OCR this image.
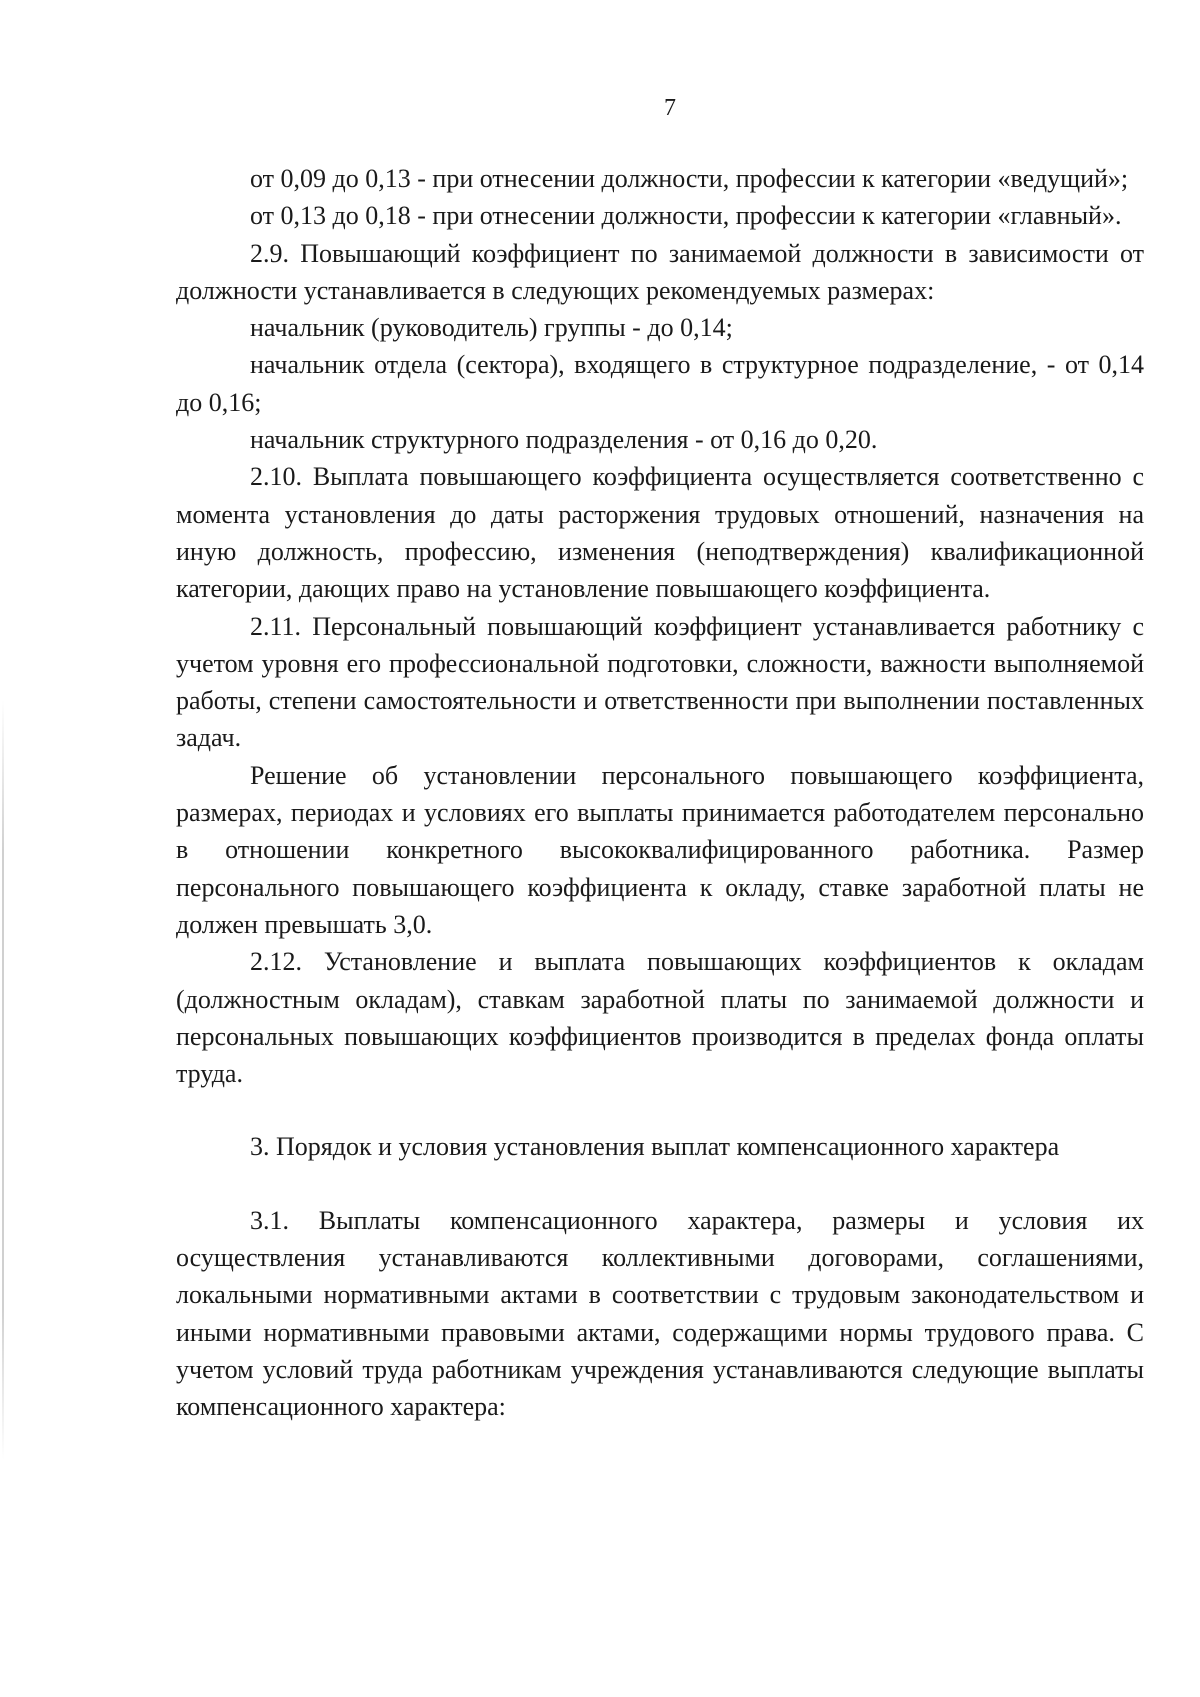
7

от 0,09 до 0,13 - при отнесении должности, профессии к категории «ведущий»;

от 0,13 до 0,18 - при отнесении должности, профессии к категории «главный».

2.9. Повышающий коэффициент по занимаемой должности в зависимости от должности устанавливается в следующих рекомендуемых размерах:

начальник (руководитель) группы - до 0,14;

начальник отдела (сектора), входящего в структурное подразделение, - от 0,14 до 0,16;

начальник структурного подразделения - от 0,16 до 0,20.

2.10. Выплата повышающего коэффициента осуществляется соответственно с момента установления до даты расторжения трудовых отношений, назначения на иную должность, профессию, изменения (неподтверждения) квалификационной категории, дающих право на установление повышающего коэффициента.

2.11. Персональный повышающий коэффициент устанавливается работнику с учетом уровня его профессиональной подготовки, сложности, важности выполняемой работы, степени самостоятельности и ответственности при выполнении поставленных задач.

Решение об установлении персонального повышающего коэффициента, размерах, периодах и условиях его выплаты принимается работодателем персонально в отношении конкретного высококвалифицированного работника. Размер персонального повышающего коэффициента к окладу, ставке заработной платы не должен превышать 3,0.

2.12. Установление и выплата повышающих коэффициентов к окладам (должностным окладам), ставкам заработной платы по занимаемой должности и персональных повышающих коэффициентов производится в пределах фонда оплаты труда.

3. Порядок и условия установления выплат компенсационного характера

3.1. Выплаты компенсационного характера, размеры и условия их осуществления устанавливаются коллективными договорами, соглашениями, локальными нормативными актами в соответствии с трудовым законодательством и иными нормативными правовыми актами, содержащими нормы трудового права. С учетом условий труда работникам учреждения устанавливаются следующие выплаты компенсационного характера:
